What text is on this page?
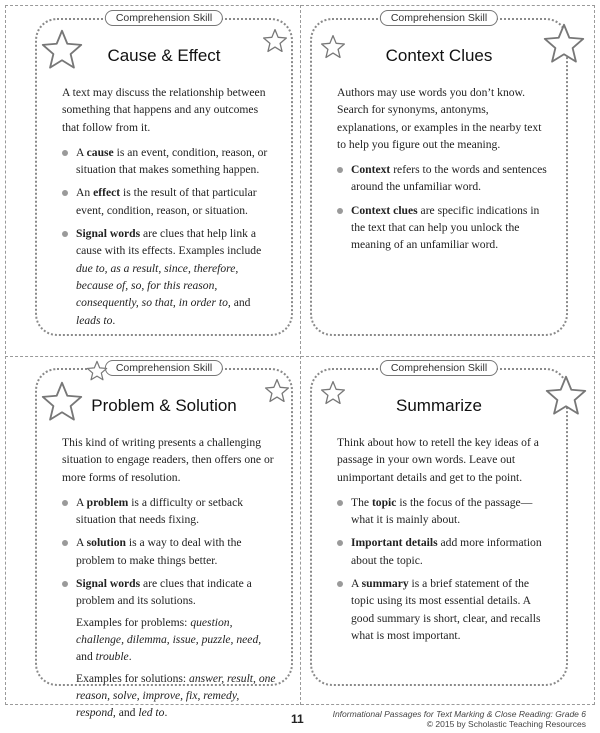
Comprehension Skill
Cause & Effect

A text may discuss the relationship between something that happens and any outcomes that follow from it.

A cause is an event, condition, reason, or situation that makes something happen.
An effect is the result of that particular event, condition, reason, or situation.
Signal words are clues that help link a cause with its effects. Examples include due to, as a result, since, therefore, because of, so, for this reason, consequently, so that, in order to, and leads to.
Comprehension Skill
Context Clues

Authors may use words you don’t know. Search for synonyms, antonyms, explanations, or examples in the nearby text to help you figure out the meaning.

Context refers to the words and sentences around the unfamiliar word.
Context clues are specific indications in the text that can help you unlock the meaning of an unfamiliar word.
Comprehension Skill
Problem & Solution

This kind of writing presents a challenging situation to engage readers, then offers one or more forms of resolution.

A problem is a difficulty or setback situation that needs fixing.
A solution is a way to deal with the problem to make things better.
Signal words are clues that indicate a problem and its solutions.
Examples for problems: question, challenge, dilemma, issue, puzzle, need, and trouble.
Examples for solutions: answer, result, one reason, solve, improve, fix, remedy, respond, and led to.
Comprehension Skill
Summarize

Think about how to retell the key ideas of a passage in your own words. Leave out unimportant details and get to the point.

The topic is the focus of the passage—what it is mainly about.
Important details add more information about the topic.
A summary is a brief statement of the topic using its most essential details. A good summary is short, clear, and recalls what is most important.
11	Informational Passages for Text Marking & Close Reading: Grade 6
© 2015 by Scholastic Teaching Resources
